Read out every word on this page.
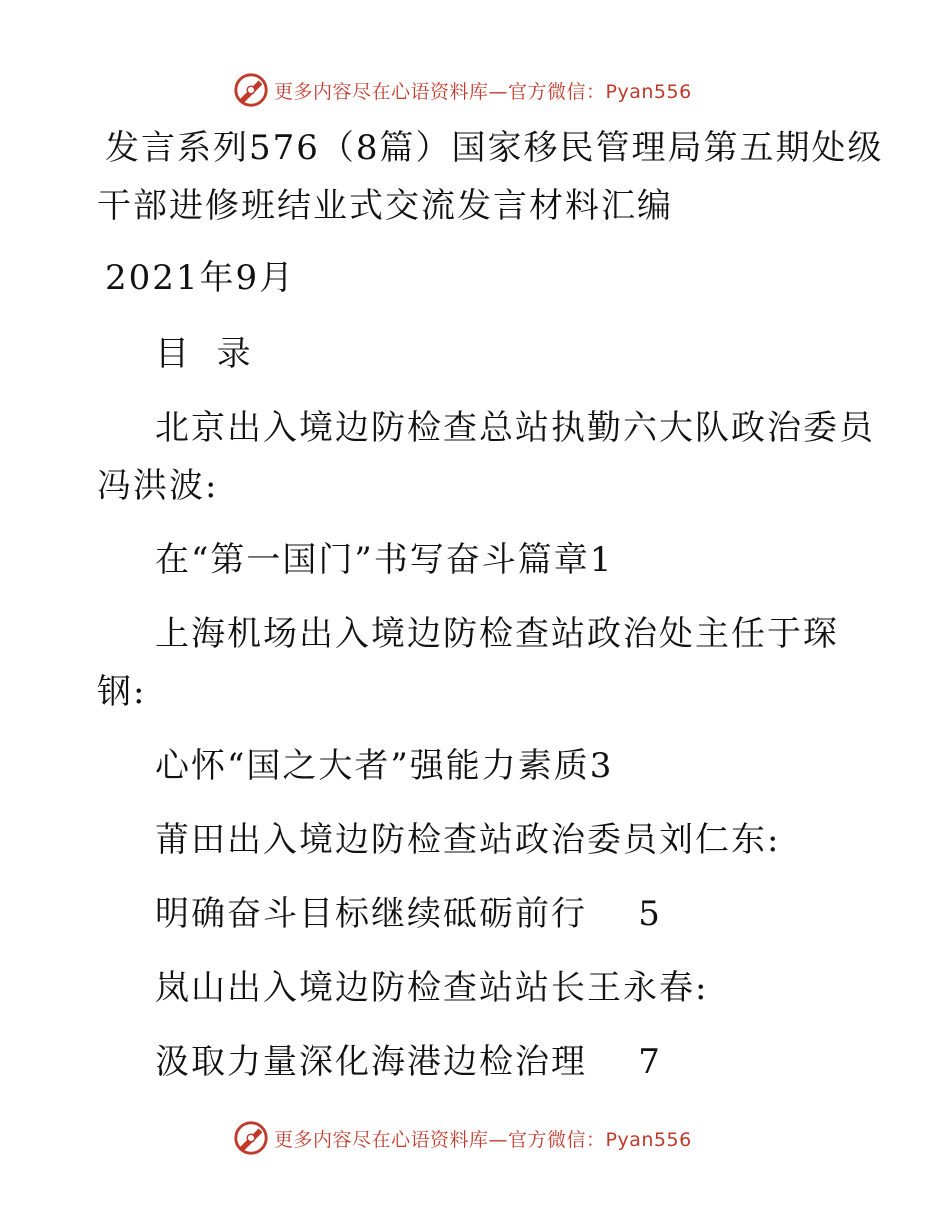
更多内容尽在心语资料库—官方微信：Pyan556
发言系列576（8篇）国家移民管理局第五期处级
干部进修班结业式交流发言材料汇编
2021年9月
目  录
北京出入境边防检查总站执勤六大队政治委员
冯洪波:
在“第一国门”书写奋斗篇章1
上海机场出入境边防检查站政治处主任于琛
钢:
心怀“国之大者”强能力素质3
莆田出入境边防检查站政治委员刘仁东:
明确奋斗目标继续砥砺前行    5
岚山出入境边防检查站站长王永春:
汲取力量深化海港边检治理    7
更多内容尽在心语资料库—官方微信：Pyan556
